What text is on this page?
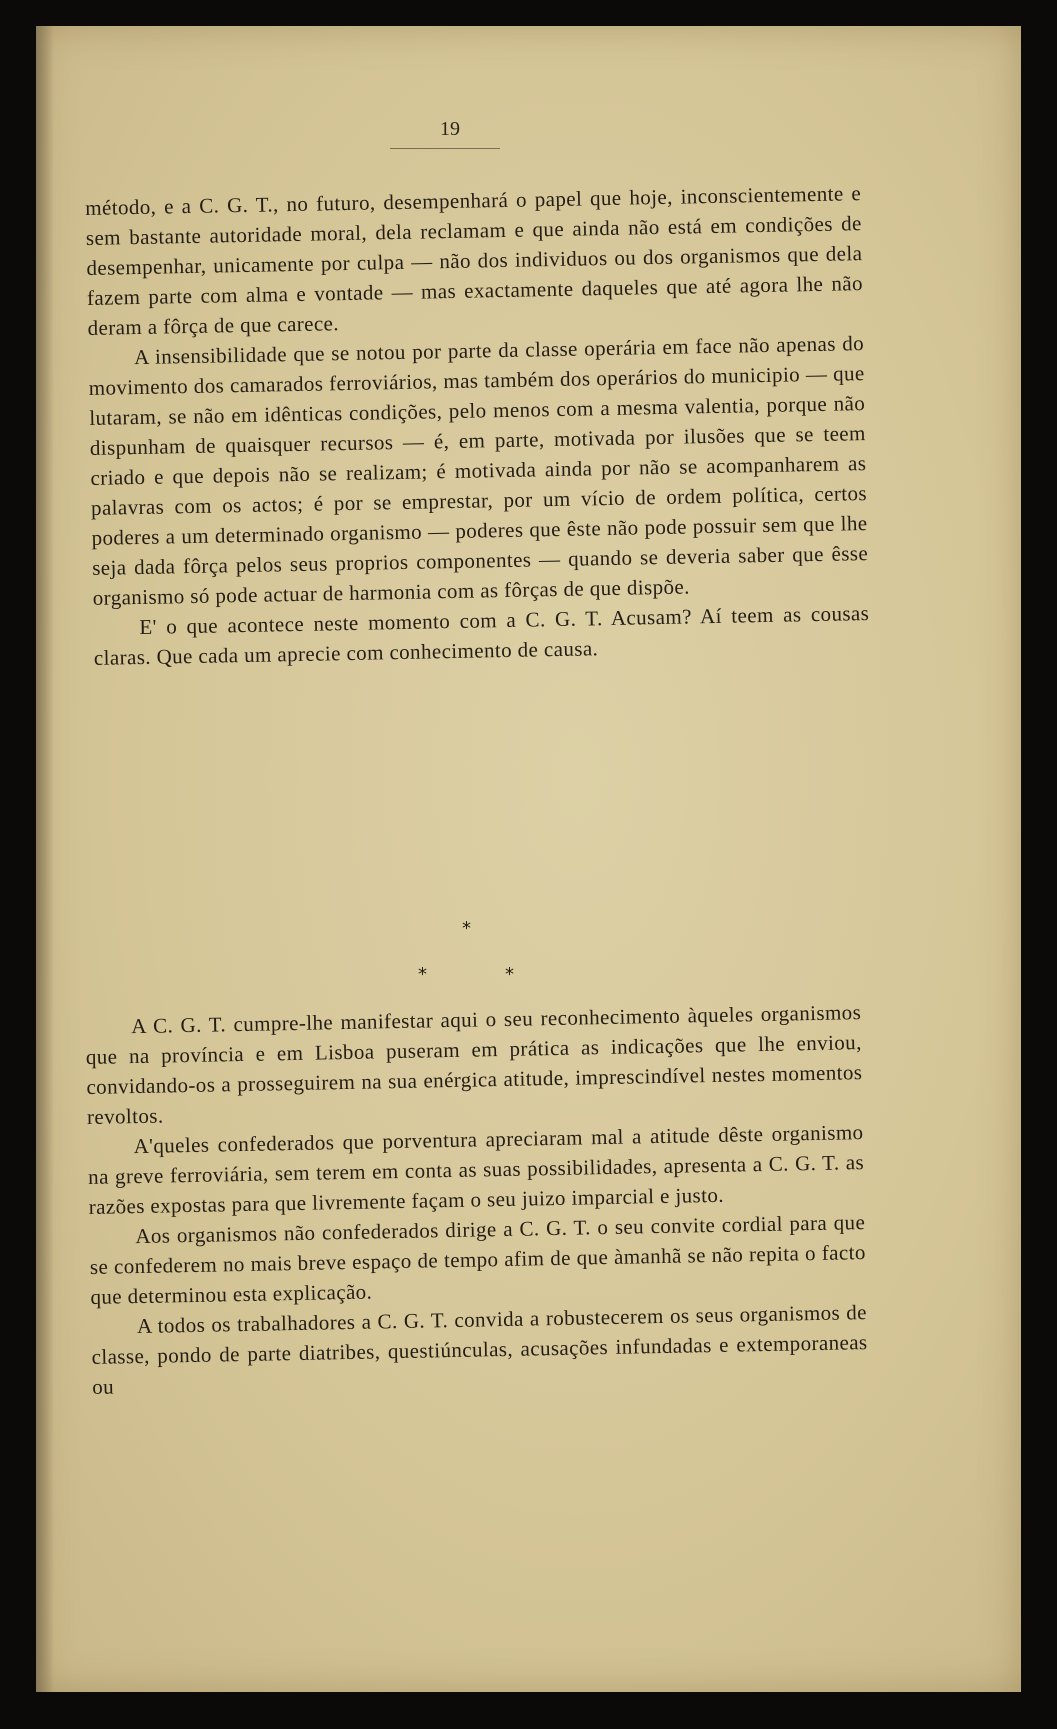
19

método, e a C. G. T., no futuro, desempenhará o papel que hoje, inconscientemente e sem bastante autoridade moral, dela reclamam e que ainda não está em condições de desempenhar, unicamente por culpa — não dos individuos ou dos organismos que dela fazem parte com alma e vontade — mas exactamente daqueles que até agora lhe não deram a fôrça de que carece.

A insensibilidade que se notou por parte da classe operária em face não apenas do movimento dos camarados ferroviários, mas também dos operários do municipio — que lutaram, se não em idênticas condições, pelo menos com a mesma valentia, porque não dispunham de quaisquer recursos — é, em parte, motivada por ilusões que se teem criado e que depois não se realizam; é motivada ainda por não se acompanharem as palavras com os actos; é por se emprestar, por um vício de ordem política, certos poderes a um determinado organismo — poderes que êste não pode possuir sem que lhe seja dada fôrça pelos seus proprios componentes — quando se deveria saber que êsse organismo só pode actuar de harmonia com as fôrças de que dispõe.

E' o que acontece neste momento com a C. G. T. Acusam? Aí teem as cousas claras. Que cada um aprecie com conhecimento de causa.

*
*	*

A C. G. T. cumpre-lhe manifestar aqui o seu reconhecimento àqueles organismos que na província e em Lisboa puseram em prática as indicações que lhe enviou, convidando-os a prosseguirem na sua enérgica atitude, imprescindível nestes momentos revoltos.

A'queles confederados que porventura apreciaram mal a atitude dêste organismo na greve ferroviária, sem terem em conta as suas possibilidades, apresenta a C. G. T. as razões expostas para que livremente façam o seu juizo imparcial e justo.

Aos organismos não confederados dirige a C. G. T. o seu convite cordial para que se confederem no mais breve espaço de tempo afim de que àmanhã se não repita o facto que determinou esta explicação.

A todos os trabalhadores a C. G. T. convida a robustecerem os seus organismos de classe, pondo de parte diatribes, questiúnculas, acusações infundadas e extemporaneas ou
